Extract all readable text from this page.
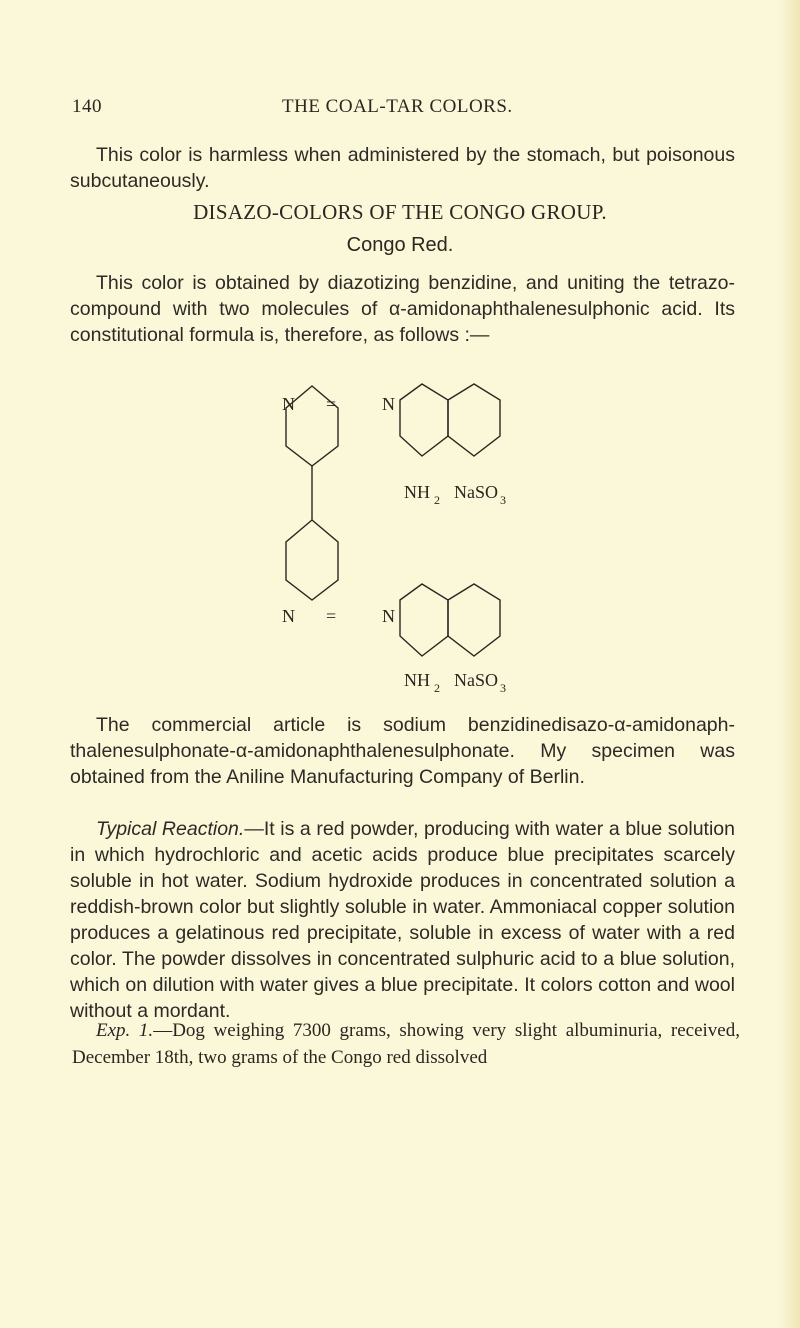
140	THE COAL-TAR COLORS.

This color is harmless when administered by the stomach, but poisonous subcutaneously.

DISAZO-COLORS OF THE CONGO GROUP.
Congo Red.

This color is obtained by diazotizing benzidine, and uniting the tetrazo-compound with two molecules of α-amidonaphthalenesulphonic acid. Its constitutional formula is, therefore, as follows :—

N =	N
N =	N
NH 2 NaSO 3
NH 2 NaSO 3

The commercial article is sodium benzidinedisazo-α-amidonaphthalenesulphonate-α-amidonaphthalenesulphonate. My specimen was obtained from the Aniline Manufacturing Company of Berlin.

Typical Reaction.—It is a red powder, producing with water a blue solution in which hydrochloric and acetic acids produce blue precipitates scarcely soluble in hot water. Sodium hydroxide produces in concentrated solution a reddish-brown color but slightly soluble in water. Ammoniacal copper solution produces a gelatinous red precipitate, soluble in excess of water with a red color. The powder dissolves in concentrated sulphuric acid to a blue solution, which on dilution with water gives a blue precipitate. It colors cotton and wool without a mordant.

Exp. 1.—Dog weighing 7300 grams, showing very slight albuminuria, received, December 18th, two grams of the Congo red dissolved
